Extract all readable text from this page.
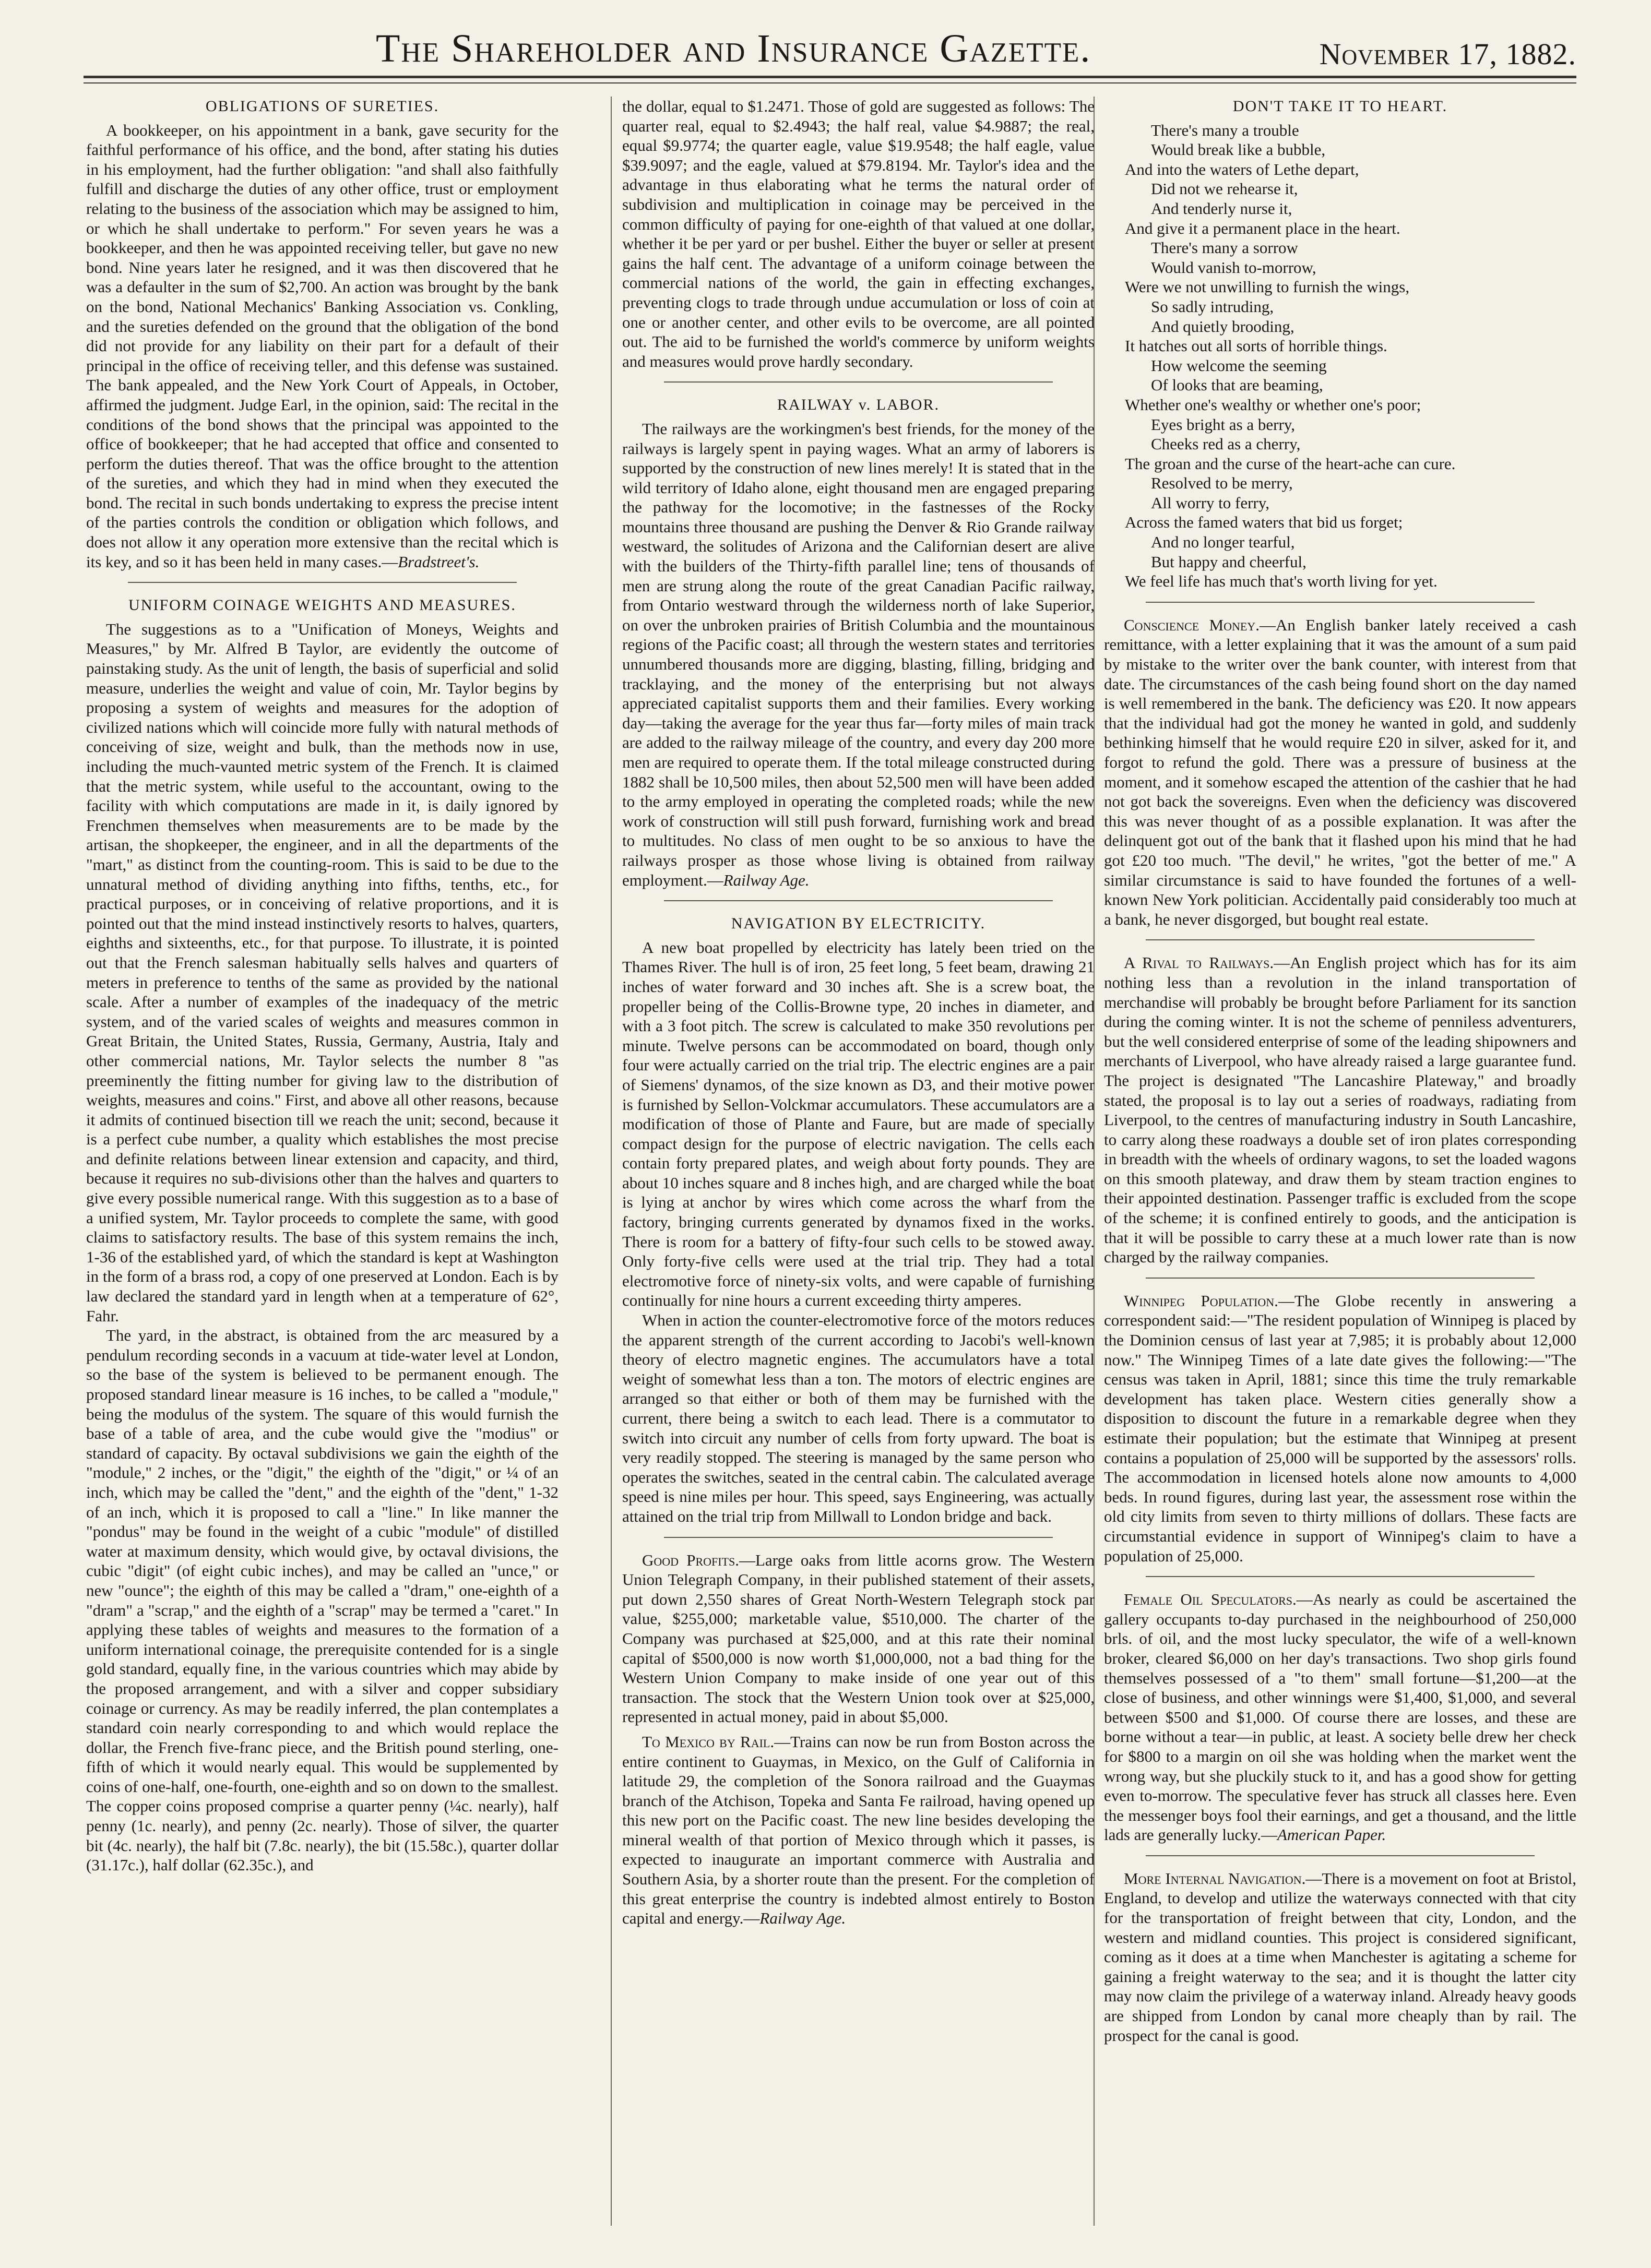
The Shareholder and Insurance Gazette.	November 17, 1882.
OBLIGATIONS OF SURETIES.

A bookkeeper, on his appointment in a bank, gave security for the faithful performance of his office, and the bond, after stating his duties in his employment, had the further obligation: "and shall also faithfully fulfill and discharge the duties of any other office, trust or employment relating to the business of the association which may be assigned to him, or which he shall undertake to perform." For seven years he was a bookkeeper, and then he was appointed receiving teller, but gave no new bond. Nine years later he resigned, and it was then discovered that he was a defaulter in the sum of $2,700. An action was brought by the bank on the bond, National Mechanics' Banking Association vs. Conkling, and the sureties defended on the ground that the obligation of the bond did not provide for any liability on their part for a default of their principal in the office of receiving teller, and this defense was sustained. The bank appealed, and the New York Court of Appeals, in October, affirmed the judgment. Judge Earl, in the opinion, said: The recital in the conditions of the bond shows that the principal was appointed to the office of bookkeeper; that he had accepted that office and consented to perform the duties thereof. That was the office brought to the attention of the sureties, and which they had in mind when they executed the bond. The recital in such bonds undertaking to express the precise intent of the parties controls the condition or obligation which follows, and does not allow it any operation more extensive than the recital which is its key, and so it has been held in many cases.—Bradstreet's.

UNIFORM COINAGE WEIGHTS AND MEASURES.

The suggestions as to a "Unification of Moneys, Weights and Measures," by Mr. Alfred B Taylor, are evidently the outcome of painstaking study. As the unit of length, the basis of superficial and solid measure, underlies the weight and value of coin, Mr. Taylor begins by proposing a system of weights and measures for the adoption of civilized nations which will coincide more fully with natural methods of conceiving of size, weight and bulk, than the methods now in use, including the much-vaunted metric system of the French. It is claimed that the metric system, while useful to the accountant, owing to the facility with which computations are made in it, is daily ignored by Frenchmen themselves when measurements are to be made by the artisan, the shopkeeper, the engineer, and in all the departments of the "mart," as distinct from the counting-room. This is said to be due to the unnatural method of dividing anything into fifths, tenths, etc., for practical purposes, or in conceiving of relative proportions, and it is pointed out that the mind instead instinctively resorts to halves, quarters, eighths and sixteenths, etc., for that purpose. To illustrate, it is pointed out that the French salesman habitually sells halves and quarters of meters in preference to tenths of the same as provided by the national scale. After a number of examples of the inadequacy of the metric system, and of the varied scales of weights and measures common in Great Britain, the United States, Russia, Germany, Austria, Italy and other commercial nations, Mr. Taylor selects the number 8 "as preeminently the fitting number for giving law to the distribution of weights, measures and coins." First, and above all other reasons, because it admits of continued bisection till we reach the unit; second, because it is a perfect cube number, a quality which establishes the most precise and definite relations between linear extension and capacity, and third, because it requires no sub-divisions other than the halves and quarters to give every possible numerical range. With this suggestion as to a base of a unified system, Mr. Taylor proceeds to complete the same, with good claims to satisfactory results. The base of this system remains the inch, 1-36 of the established yard, of which the standard is kept at Washington in the form of a brass rod, a copy of one preserved at London. Each is by law declared the standard yard in length when at a temperature of 62°, Fahr.

The yard, in the abstract, is obtained from the arc measured by a pendulum recording seconds in a vacuum at tide-water level at London, so the base of the system is believed to be permanent enough. The proposed standard linear measure is 16 inches, to be called a "module," being the modulus of the system. The square of this would furnish the base of a table of area, and the cube would give the "modius" or standard of capacity. By octaval subdivisions we gain the eighth of the "module," 2 inches, or the "digit," the eighth of the "digit," or ¼ of an inch, which may be called the "dent," and the eighth of the "dent," 1-32 of an inch, which it is proposed to call a "line." In like manner the "pondus" may be found in the weight of a cubic "module" of distilled water at maximum density, which would give, by octaval divisions, the cubic "digit" (of eight cubic inches), and may be called an "unce," or new "ounce"; the eighth of this may be called a "dram," one-eighth of a "dram" a "scrap," and the eighth of a "scrap" may be termed a "caret." In applying these tables of weights and measures to the formation of a uniform international coinage, the prerequisite contended for is a single gold standard, equally fine, in the various countries which may abide by the proposed arrangement, and with a silver and copper subsidiary coinage or currency. As may be readily inferred, the plan contemplates a standard coin nearly corresponding to and which would replace the dollar, the French five-franc piece, and the British pound sterling, one-fifth of which it would nearly equal. This would be supplemented by coins of one-half, one-fourth, one-eighth and so on down to the smallest. The copper coins proposed comprise a quarter penny (¼c. nearly), half penny (1c. nearly), and penny (2c. nearly). Those of silver, the quarter bit (4c. nearly), the half bit (7.8c. nearly), the bit (15.58c.), quarter dollar (31.17c.), half dollar (62.35c.), and

the dollar, equal to $1.2471. Those of gold are suggested as follows: The quarter real, equal to $2.4943; the half real, value $4.9887; the real, equal $9.9774; the quarter eagle, value $19.9548; the half eagle, value $39.9097; and the eagle, valued at $79.8194. Mr. Taylor's idea and the advantage in thus elaborating what he terms the natural order of subdivision and multiplication in coinage may be perceived in the common difficulty of paying for one-eighth of that valued at one dollar, whether it be per yard or per bushel. Either the buyer or seller at present gains the half cent. The advantage of a uniform coinage between the commercial nations of the world, the gain in effecting exchanges, preventing clogs to trade through undue accumulation or loss of coin at one or another center, and other evils to be overcome, are all pointed out. The aid to be furnished the world's commerce by uniform weights and measures would prove hardly secondary.

RAILWAY v. LABOR.

The railways are the workingmen's best friends, for the money of the railways is largely spent in paying wages. What an army of laborers is supported by the construction of new lines merely! It is stated that in the wild territory of Idaho alone, eight thousand men are engaged preparing the pathway for the locomotive; in the fastnesses of the Rocky mountains three thousand are pushing the Denver & Rio Grande railway westward, the solitudes of Arizona and the Californian desert are alive with the builders of the Thirty-fifth parallel line; tens of thousands of men are strung along the route of the great Canadian Pacific railway, from Ontario westward through the wilderness north of lake Superior, on over the unbroken prairies of British Columbia and the mountainous regions of the Pacific coast; all through the western states and territories unnumbered thousands more are digging, blasting, filling, bridging and tracklaying, and the money of the enterprising but not always appreciated capitalist supports them and their families. Every working day—taking the average for the year thus far—forty miles of main track are added to the railway mileage of the country, and every day 200 more men are required to operate them. If the total mileage constructed during 1882 shall be 10,500 miles, then about 52,500 men will have been added to the army employed in operating the completed roads; while the new work of construction will still push forward, furnishing work and bread to multitudes. No class of men ought to be so anxious to have the railways prosper as those whose living is obtained from railway employment.—Railway Age.

NAVIGATION BY ELECTRICITY.

A new boat propelled by electricity has lately been tried on the Thames River. The hull is of iron, 25 feet long, 5 feet beam, drawing 21 inches of water forward and 30 inches aft. She is a screw boat, the propeller being of the Collis-Browne type, 20 inches in diameter, and with a 3 foot pitch. The screw is calculated to make 350 revolutions per minute. Twelve persons can be accommodated on board, though only four were actually carried on the trial trip. The electric engines are a pair of Siemens' dynamos, of the size known as D3, and their motive power is furnished by Sellon-Volckmar accumulators. These accumulators are a modification of those of Plante and Faure, but are made of specially compact design for the purpose of electric navigation. The cells each contain forty prepared plates, and weigh about forty pounds. They are about 10 inches square and 8 inches high, and are charged while the boat is lying at anchor by wires which come across the wharf from the factory, bringing currents generated by dynamos fixed in the works. There is room for a battery of fifty-four such cells to be stowed away. Only forty-five cells were used at the trial trip. They had a total electromotive force of ninety-six volts, and were capable of furnishing continually for nine hours a current exceeding thirty amperes.

When in action the counter-electromotive force of the motors reduces the apparent strength of the current according to Jacobi's well-known theory of electro magnetic engines. The accumulators have a total weight of somewhat less than a ton. The motors of electric engines are arranged so that either or both of them may be furnished with the current, there being a switch to each lead. There is a commutator to switch into circuit any number of cells from forty upward. The boat is very readily stopped. The steering is managed by the same person who operates the switches, seated in the central cabin. The calculated average speed is nine miles per hour. This speed, says Engineering, was actually attained on the trial trip from Millwall to London bridge and back.

Good Profits.—Large oaks from little acorns grow. The Western Union Telegraph Company, in their published statement of their assets, put down 2,550 shares of Great North-Western Telegraph stock par value, $255,000; marketable value, $510,000. The charter of the Company was purchased at $25,000, and at this rate their nominal capital of $500,000 is now worth $1,000,000, not a bad thing for the Western Union Company to make inside of one year out of this transaction. The stock that the Western Union took over at $25,000, represented in actual money, paid in about $5,000.

To Mexico by Rail.—Trains can now be run from Boston across the entire continent to Guaymas, in Mexico, on the Gulf of California in latitude 29, the completion of the Sonora railroad and the Guaymas branch of the Atchison, Topeka and Santa Fe railroad, having opened up this new port on the Pacific coast. The new line besides developing the mineral wealth of that portion of Mexico through which it passes, is expected to inaugurate an important commerce with Australia and Southern Asia, by a shorter route than the present. For the completion of this great enterprise the country is indebted almost entirely to Boston capital and energy.—Railway Age.

DON'T TAKE IT TO HEART.

There's many a trouble
Would break like a bubble,
And into the waters of Lethe depart,
Did not we rehearse it,
And tenderly nurse it,
And give it a permanent place in the heart.
There's many a sorrow
Would vanish to-morrow,
Were we not unwilling to furnish the wings,
So sadly intruding,
And quietly brooding,
It hatches out all sorts of horrible things.
How welcome the seeming
Of looks that are beaming,
Whether one's wealthy or whether one's poor;
Eyes bright as a berry,
Cheeks red as a cherry,
The groan and the curse of the heart-ache can cure.
Resolved to be merry,
All worry to ferry,
Across the famed waters that bid us forget;
And no longer tearful,
But happy and cheerful,
We feel life has much that's worth living for yet.

Conscience Money.—An English banker lately received a cash remittance, with a letter explaining that it was the amount of a sum paid by mistake to the writer over the bank counter, with interest from that date. The circumstances of the cash being found short on the day named is well remembered in the bank. The deficiency was £20. It now appears that the individual had got the money he wanted in gold, and suddenly bethinking himself that he would require £20 in silver, asked for it, and forgot to refund the gold. There was a pressure of business at the moment, and it somehow escaped the attention of the cashier that he had not got back the sovereigns. Even when the deficiency was discovered this was never thought of as a possible explanation. It was after the delinquent got out of the bank that it flashed upon his mind that he had got £20 too much. "The devil," he writes, "got the better of me." A similar circumstance is said to have founded the fortunes of a well-known New York politician. Accidentally paid considerably too much at a bank, he never disgorged, but bought real estate.

A Rival to Railways.—An English project which has for its aim nothing less than a revolution in the inland transportation of merchandise will probably be brought before Parliament for its sanction during the coming winter. It is not the scheme of penniless adventurers, but the well considered enterprise of some of the leading shipowners and merchants of Liverpool, who have already raised a large guarantee fund. The project is designated "The Lancashire Plateway," and broadly stated, the proposal is to lay out a series of roadways, radiating from Liverpool, to the centres of manufacturing industry in South Lancashire, to carry along these roadways a double set of iron plates corresponding in breadth with the wheels of ordinary wagons, to set the loaded wagons on this smooth plateway, and draw them by steam traction engines to their appointed destination. Passenger traffic is excluded from the scope of the scheme; it is confined entirely to goods, and the anticipation is that it will be possible to carry these at a much lower rate than is now charged by the railway companies.

Winnipeg Population.—The Globe recently in answering a correspondent said:—"The resident population of Winnipeg is placed by the Dominion census of last year at 7,985; it is probably about 12,000 now." The Winnipeg Times of a late date gives the following:—"The census was taken in April, 1881; since this time the truly remarkable development has taken place. Western cities generally show a disposition to discount the future in a remarkable degree when they estimate their population; but the estimate that Winnipeg at present contains a population of 25,000 will be supported by the assessors' rolls. The accommodation in licensed hotels alone now amounts to 4,000 beds. In round figures, during last year, the assessment rose within the old city limits from seven to thirty millions of dollars. These facts are circumstantial evidence in support of Winnipeg's claim to have a population of 25,000.

Female Oil Speculators.—As nearly as could be ascertained the gallery occupants to-day purchased in the neighbourhood of 250,000 brls. of oil, and the most lucky speculator, the wife of a well-known broker, cleared $6,000 on her day's transactions. Two shop girls found themselves possessed of a "to them" small fortune—$1,200—at the close of business, and other winnings were $1,400, $1,000, and several between $500 and $1,000. Of course there are losses, and these are borne without a tear—in public, at least. A society belle drew her check for $800 to a margin on oil she was holding when the market went the wrong way, but she pluckily stuck to it, and has a good show for getting even to-morrow. The speculative fever has struck all classes here. Even the messenger boys fool their earnings, and get a thousand, and the little lads are generally lucky.—American Paper.

More Internal Navigation.—There is a movement on foot at Bristol, England, to develop and utilize the waterways connected with that city for the transportation of freight between that city, London, and the western and midland counties. This project is considered significant, coming as it does at a time when Manchester is agitating a scheme for gaining a freight waterway to the sea; and it is thought the latter city may now claim the privilege of a waterway inland. Already heavy goods are shipped from London by canal more cheaply than by rail. The prospect for the canal is good.
